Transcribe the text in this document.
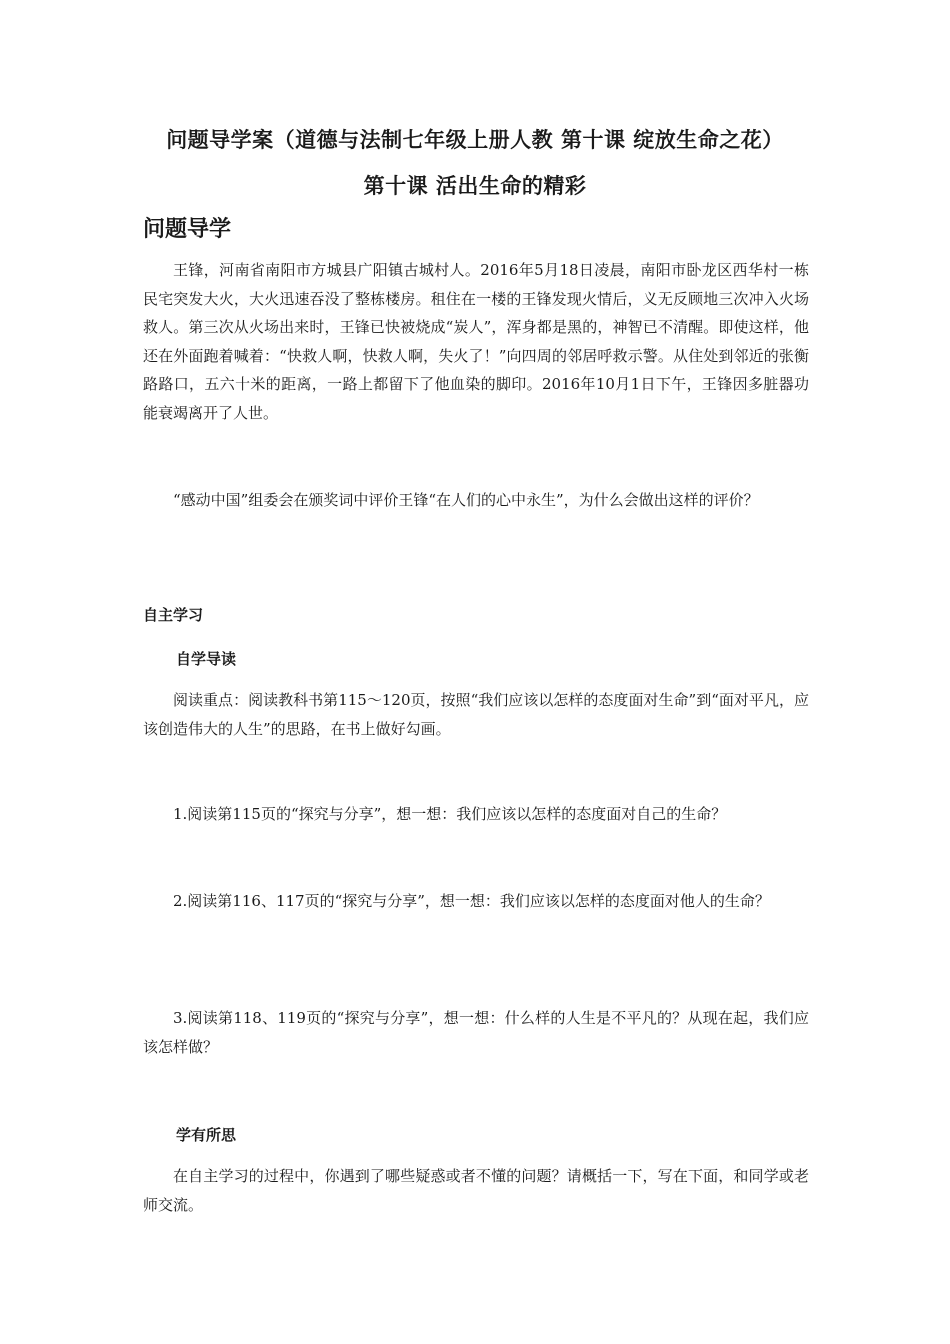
问题导学案（道德与法制七年级上册人教 第十课 绽放生命之花）
第十课 活出生命的精彩
问题导学
王锋，河南省南阳市方城县广阳镇古城村人。2016年5月18日凌晨，南阳市卧龙区西华村一栋民宅突发大火，大火迅速吞没了整栋楼房。租住在一楼的王锋发现火情后，义无反顾地三次冲入火场救人。第三次从火场出来时，王锋已快被烧成“炭人”，浑身都是黑的，神智已不清醒。即使这样，他还在外面跑着喊着：“快救人啊，快救人啊，失火了！”向四周的邻居呼救示警。从住处到邻近的张衡路路口，五六十米的距离，一路上都留下了他血染的脚印。2016年10月1日下午，王锋因多脏器功能衰竭离开了人世。
“感动中国”组委会在颁奖词中评价王锋“在人们的心中永生”，为什么会做出这样的评价？
自主学习
自学导读
阅读重点：阅读教科书第115～120页，按照“我们应该以怎样的态度面对生命”到“面对平凡，应该创造伟大的人生”的思路，在书上做好勾画。
1.阅读第115页的“探究与分享”，想一想：我们应该以怎样的态度面对自己的生命？
2.阅读第116、117页的“探究与分享”，想一想：我们应该以怎样的态度面对他人的生命？
3.阅读第118、119页的“探究与分享”，想一想：什么样的人生是不平凡的？从现在起，我们应该怎样做？
学有所思
在自主学习的过程中，你遇到了哪些疑惑或者不懂的问题？请概括一下，写在下面，和同学或老师交流。
